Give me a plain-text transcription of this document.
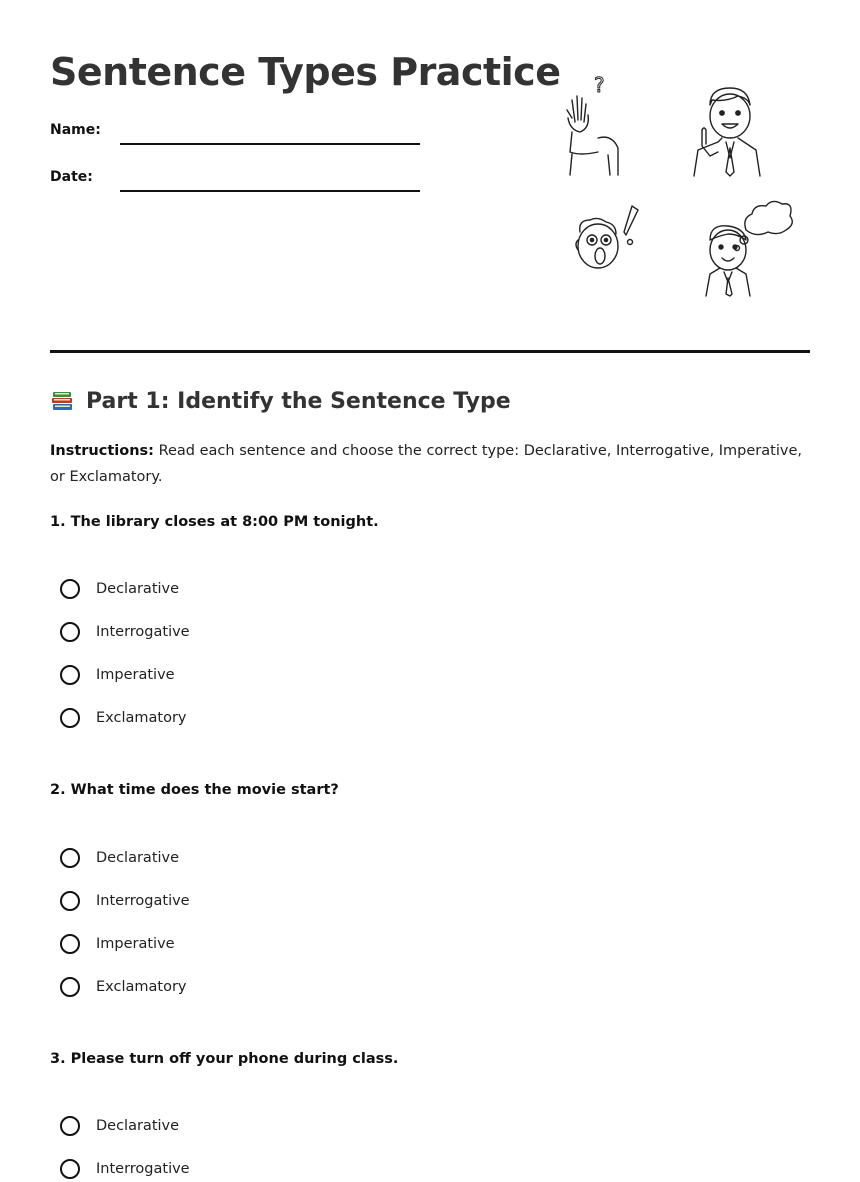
Sentence Types Practice
Name:
Date:
?
Part 1: Identify the Sentence Type
Instructions: Read each sentence and choose the correct type: Declarative, Interrogative, Imperative, or Exclamatory.
1. The library closes at 8:00 PM tonight.
Declarative
Interrogative
Imperative
Exclamatory
2. What time does the movie start?
Declarative
Interrogative
Imperative
Exclamatory
3. Please turn off your phone during class.
Declarative
Interrogative
